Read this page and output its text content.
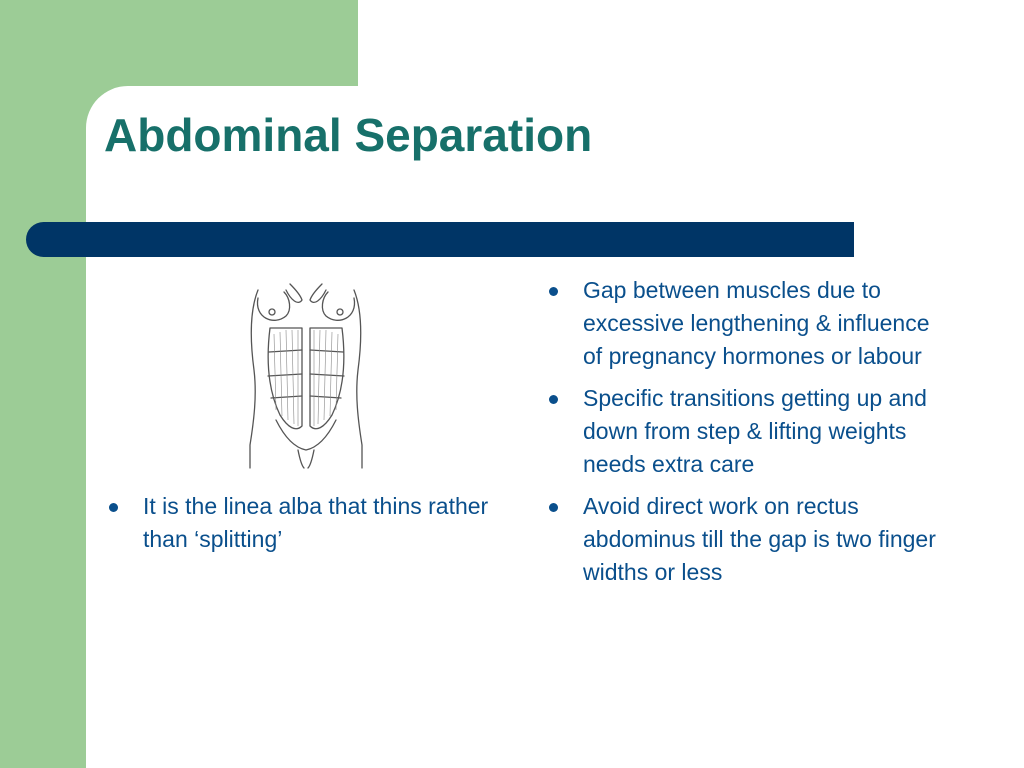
Abdominal Separation
It is the linea alba that thins rather than ‘splitting’
Gap between muscles due to excessive lengthening & influence of pregnancy hormones or labour
Specific transitions getting up and down from step & lifting weights needs extra care
Avoid direct work on rectus abdominus till the gap is two finger widths or less
